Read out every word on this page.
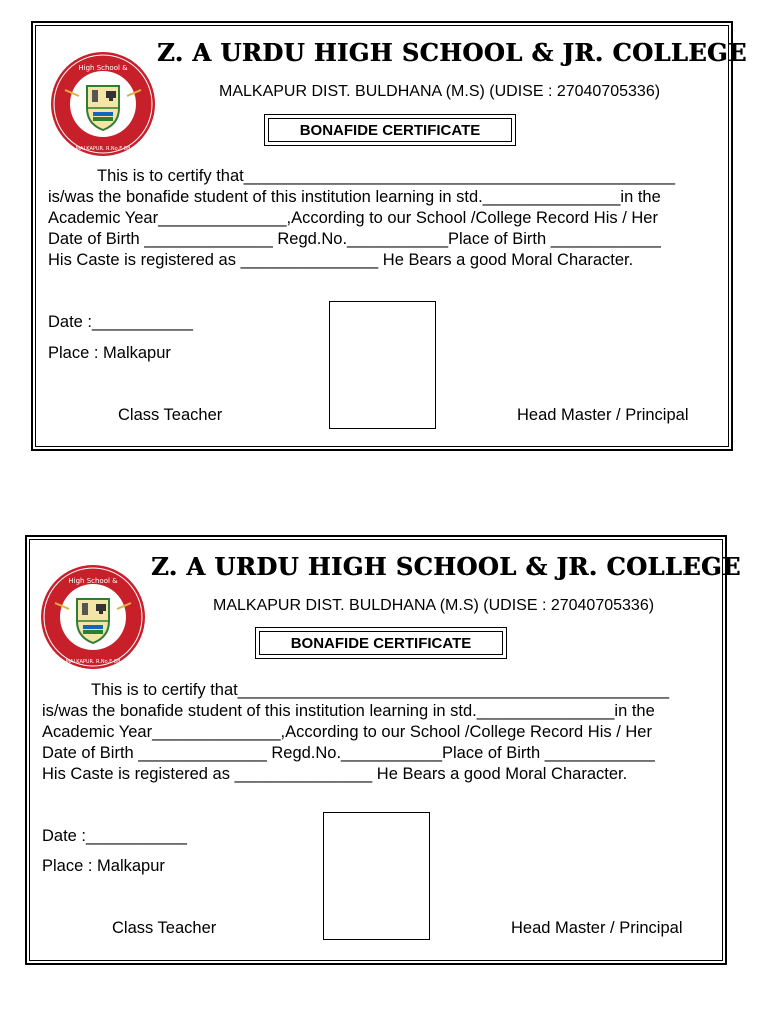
High School &
MALKAPUR. R.No.F-88
Z. A URDU HIGH SCHOOL & JR. COLLEGE
MALKAPUR DIST. BULDHANA (M.S) (UDISE : 27040705336)
BONAFIDE CERTIFICATE
This is to certify that_______________________________________________
is/was the bonafide student of this institution learning in std._______________in the
Academic Year______________,According to our School /College Record His / Her
Date of Birth ______________ Regd.No.___________Place of Birth ____________
His Caste is registered as _______________ He Bears a good Moral Character.
Date :___________
Place : Malkapur
Class Teacher	Head Master / Principal
High School &
MALKAPUR. R.No.F-88
Z. A URDU HIGH SCHOOL & JR. COLLEGE
MALKAPUR DIST. BULDHANA (M.S) (UDISE : 27040705336)
BONAFIDE CERTIFICATE
This is to certify that_______________________________________________
is/was the bonafide student of this institution learning in std._______________in the
Academic Year______________,According to our School /College Record His / Her
Date of Birth ______________ Regd.No.___________Place of Birth ____________
His Caste is registered as _______________ He Bears a good Moral Character.
Date :___________
Place : Malkapur
Class Teacher	Head Master / Principal
